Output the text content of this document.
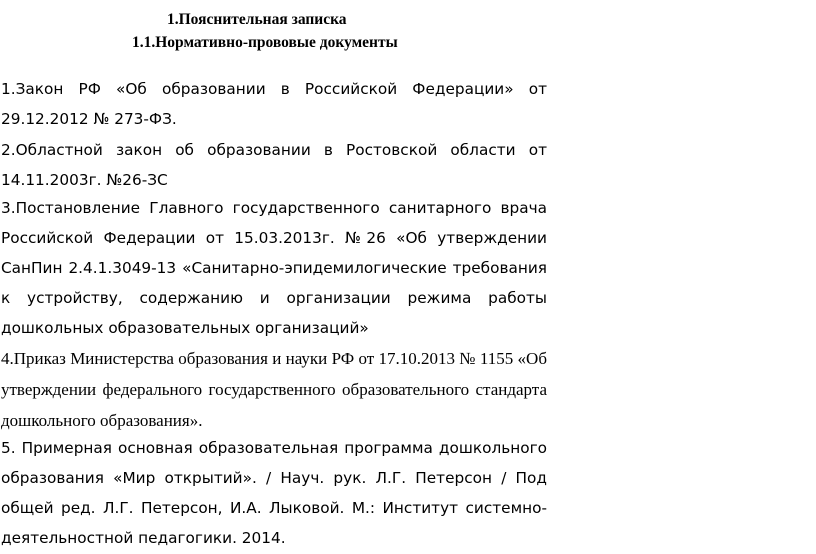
1.Пояснительная записка
1.1.Нормативно-прововые документы
1.Закон РФ «Об образовании в Российской Федерации» от 29.12.2012 № 273-ФЗ.
2.Областной закон об образовании в Ростовской области от 14.11.2003г. №26-ЗС
3.Постановление Главного государственного санитарного врача Российской Федерации от 15.03.2013г. №26 «Об утверждении СанПин 2.4.1.3049-13 «Санитарно-эпидемилогические требования к устройству, содержанию и организации режима работы дошкольных образовательных организаций»
4.Приказ Министерства образования и науки РФ от 17.10.2013 № 1155 «Об утверждении федерального государственного образовательного стандарта дошкольного образования».
5. Примерная основная образовательная программа дошкольного образования «Мир открытий». / Науч. рук. Л.Г. Петерсон / Под общей ред. Л.Г. Петерсон, И.А. Лыковой. М.: Институт системно-деятельностной педагогики. 2014.
